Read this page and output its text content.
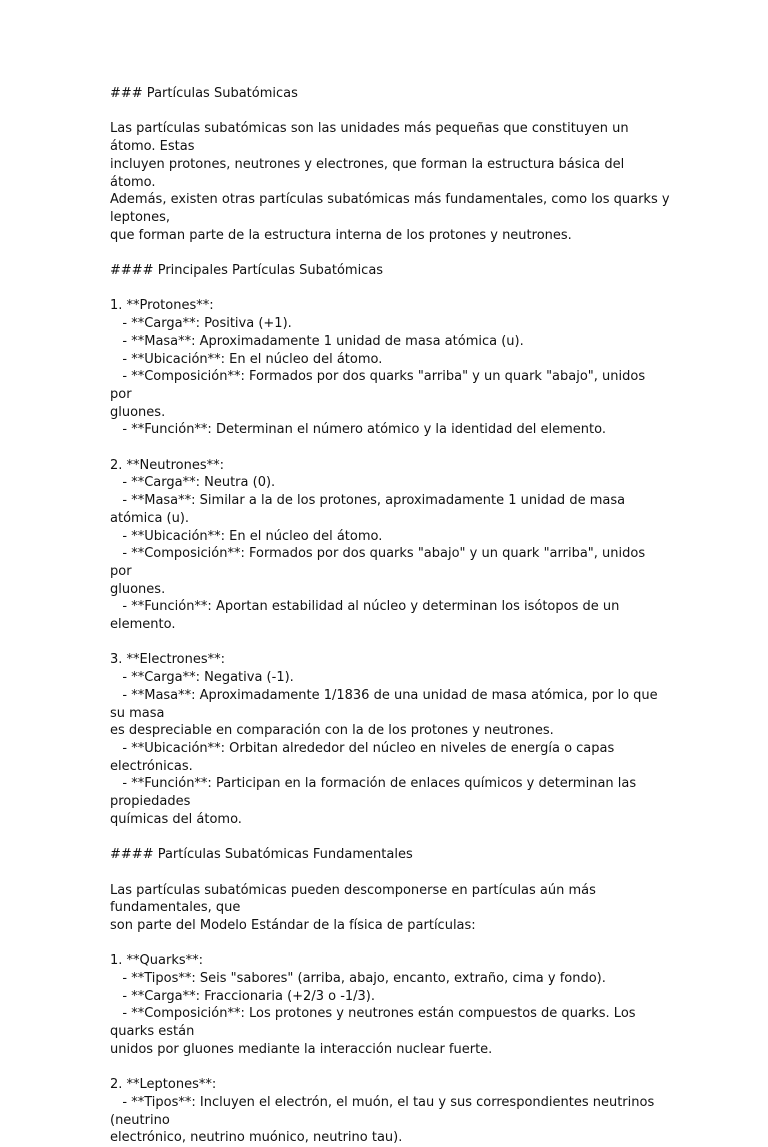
### Partículas Subatómicas
Las partículas subatómicas son las unidades más pequeñas que constituyen un átomo. Estas
incluyen protones, neutrones y electrones, que forman la estructura básica del átomo.
Además, existen otras partículas subatómicas más fundamentales, como los quarks y leptones,
que forman parte de la estructura interna de los protones y neutrones.
#### Principales Partículas Subatómicas
1. **Protones**:
- **Carga**: Positiva (+1).
- **Masa**: Aproximadamente 1 unidad de masa atómica (u).
- **Ubicación**: En el núcleo del átomo.
- **Composición**: Formados por dos quarks "arriba" y un quark "abajo", unidos por
gluones.
- **Función**: Determinan el número atómico y la identidad del elemento.
2. **Neutrones**:
- **Carga**: Neutra (0).
- **Masa**: Similar a la de los protones, aproximadamente 1 unidad de masa atómica (u).
- **Ubicación**: En el núcleo del átomo.
- **Composición**: Formados por dos quarks "abajo" y un quark "arriba", unidos por
gluones.
- **Función**: Aportan estabilidad al núcleo y determinan los isótopos de un elemento.
3. **Electrones**:
- **Carga**: Negativa (-1).
- **Masa**: Aproximadamente 1/1836 de una unidad de masa atómica, por lo que su masa
es despreciable en comparación con la de los protones y neutrones.
- **Ubicación**: Orbitan alrededor del núcleo en niveles de energía o capas electrónicas.
- **Función**: Participan en la formación de enlaces químicos y determinan las propiedades
químicas del átomo.
#### Partículas Subatómicas Fundamentales
Las partículas subatómicas pueden descomponerse en partículas aún más fundamentales, que
son parte del Modelo Estándar de la física de partículas:
1. **Quarks**:
- **Tipos**: Seis "sabores" (arriba, abajo, encanto, extraño, cima y fondo).
- **Carga**: Fraccionaria (+2/3 o -1/3).
- **Composición**: Los protones y neutrones están compuestos de quarks. Los quarks están
unidos por gluones mediante la interacción nuclear fuerte.
2. **Leptones**:
- **Tipos**: Incluyen el electrón, el muón, el tau y sus correspondientes neutrinos (neutrino
electrónico, neutrino muónico, neutrino tau).
